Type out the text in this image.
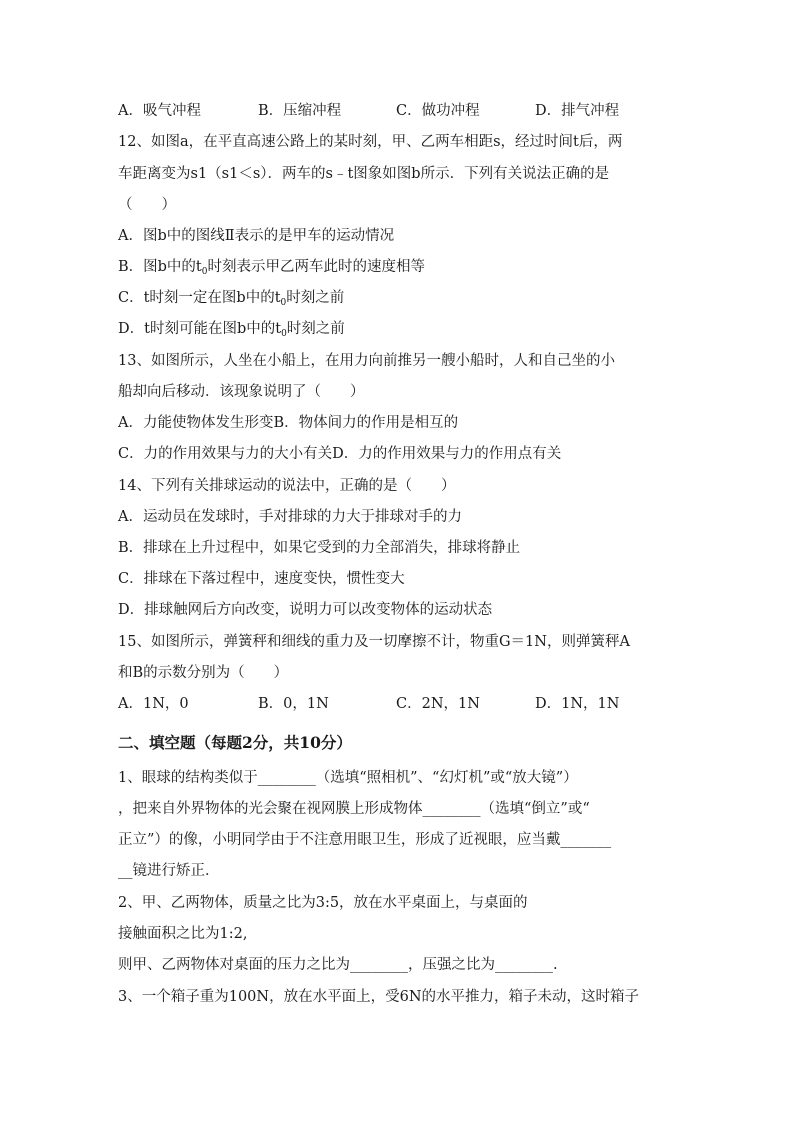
A．吸气冲程	B．压缩冲程	C．做功冲程	D．排气冲程
12、如图a，在平直高速公路上的某时刻，甲、乙两车相距s，经过时间t后，两
车距离变为s1（s1＜s）．两车的s﹣t图象如图b所示．下列有关说法正确的是
（　　）
A．图b中的图线Ⅱ表示的是甲车的运动情况
B．图b中的$t_0$时刻表示甲乙两车此时的速度相等
C．t时刻一定在图b中的$t_0$时刻之前
D．t时刻可能在图b中的$t_0$时刻之前
13、如图所示，人坐在小船上，在用力向前推另一艘小船时，人和自己坐的小
船却向后移动．该现象说明了（　　）
A．力能使物体发生形变B．物体间力的作用是相互的
C．力的作用效果与力的大小有关D．力的作用效果与力的作用点有关
14、下列有关排球运动的说法中，正确的是（　　）
A．运动员在发球时，手对排球的力大于排球对手的力
B．排球在上升过程中，如果它受到的力全部消失，排球将静止
C．排球在下落过程中，速度变快，惯性变大
D．排球触网后方向改变，说明力可以改变物体的运动状态
15、如图所示，弹簧秤和细线的重力及一切摩擦不计，物重G＝1N，则弹簧秤A
和B的示数分别为（　　）
A．1N，0	B．0，1N	C．2N，1N	D．1N，1N
二、填空题（每题2分，共10分）
1、眼球的结构类似于________（选填“照相机”、“幻灯机”或“放大镜”）
，把来自外界物体的光会聚在视网膜上形成物体________（选填“倒立”或“
正立”）的像，小明同学由于不注意用眼卫生，形成了近视眼，应当戴_______
__镜进行矫正．
2、甲、乙两物体，质量之比为3:5，放在水平桌面上，与桌面的
接触面积之比为1:2,
则甲、乙两物体对桌面的压力之比为________，压强之比为________.
3、一个箱子重为100N，放在水平面上，受6N的水平推力，箱子未动，这时箱子
